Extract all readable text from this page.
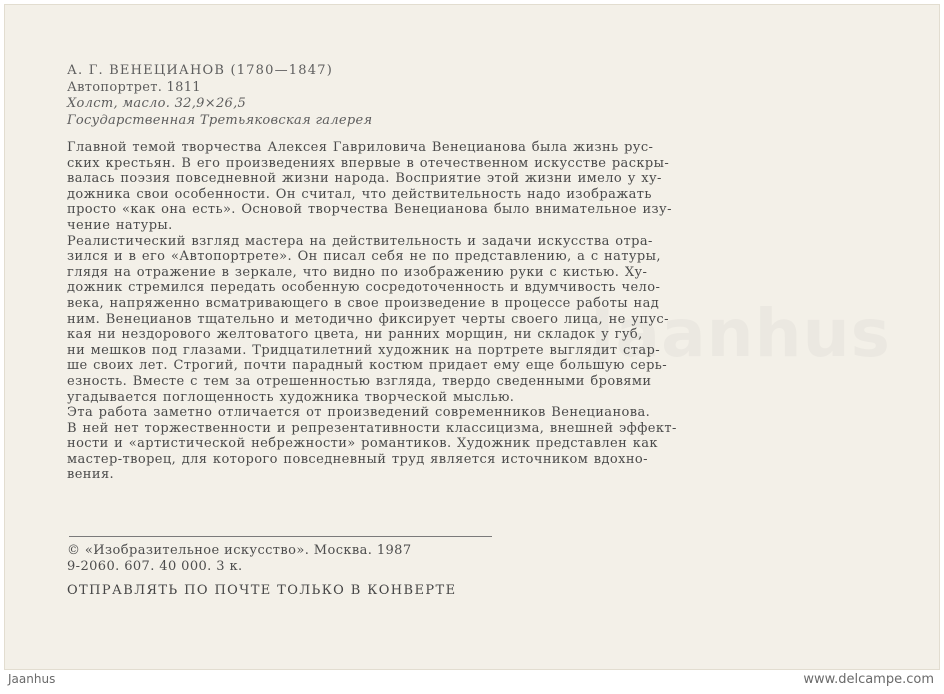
А. Г. ВЕНЕЦИАНОВ (1780—1847)
Автопортрет. 1811
Холст, масло. 32,9×26,5
Государственная Третьяковская галерея
Jaanhus

Главной темой творчества Алексея Гавриловича Венецианова была жизнь рус-
ских крестьян. В его произведениях впервые в отечественном искусстве раскры-
валась поэзия повседневной жизни народа. Восприятие этой жизни имело у ху-
дожника свои особенности. Он считал, что действительность надо изображать
просто «как она есть». Основой творчества Венецианова было внимательное изу-
чение натуры.

Реалистический взгляд мастера на действительность и задачи искусства отра-
зился и в его «Автопортрете». Он писал себя не по представлению, а с натуры,
глядя на отражение в зеркале, что видно по изображению руки с кистью. Ху-
дожник стремился передать особенную сосредоточенность и вдумчивость чело-
века, напряженно всматривающего в свое произведение в процессе работы над
ним. Венецианов тщательно и методично фиксирует черты своего лица, не упус-
кая ни нездорового желтоватого цвета, ни ранних морщин, ни складок у губ,
ни мешков под глазами. Тридцатилетний художник на портрете выглядит стар-
ше своих лет. Строгий, почти парадный костюм придает ему еще большую серь-
езность. Вместе с тем за отрешенностью взгляда, твердо сведенными бровями
угадывается поглощенность художника творческой мыслью.

Эта работа заметно отличается от произведений современников Венецианова.
В ней нет торжественности и репрезентативности классицизма, внешней эффект-
ности и «артистической небрежности» романтиков. Художник представлен как
мастер-творец, для которого повседневный труд является источником вдохно-
вения.

© «Изобразительное искусство». Москва. 1987
9-2060. 607. 40 000. 3 к.
ОТПРАВЛЯТЬ ПО ПОЧТЕ ТОЛЬКО В КОНВЕРТЕ
Jaanhus	www.delcampe.com
